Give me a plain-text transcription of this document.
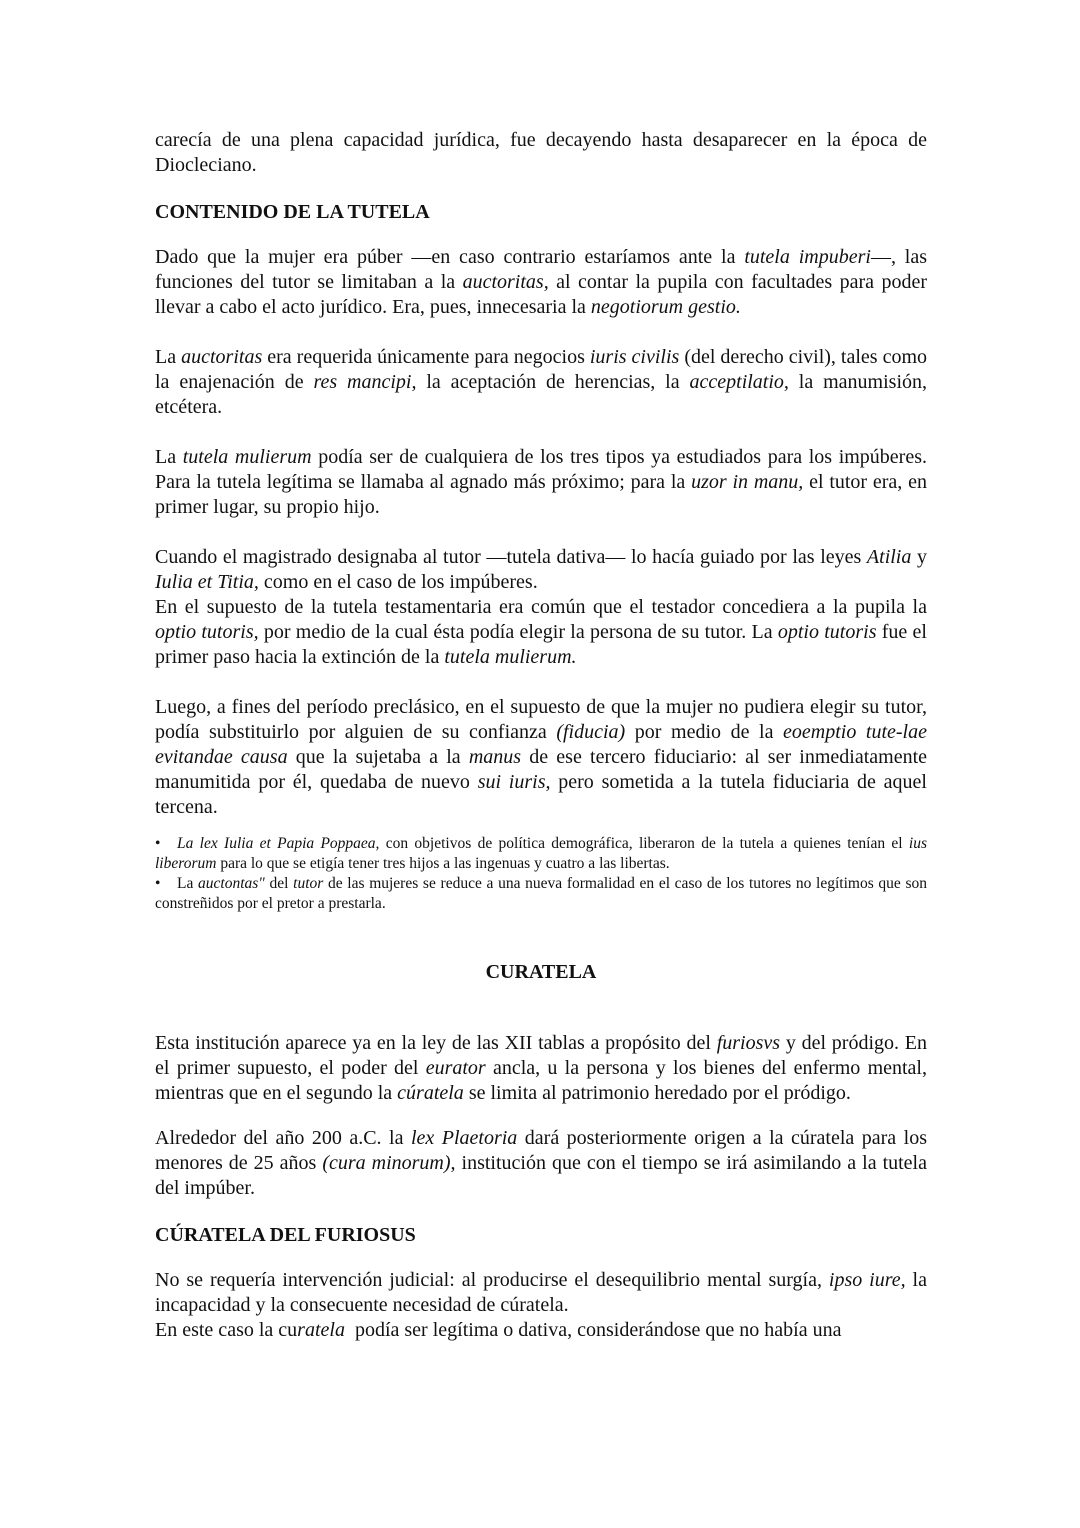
carecía de una plena capacidad jurídica, fue decayendo hasta desaparecer en la época de Diocleciano.

CONTENIDO DE LA TUTELA

Dado que la mujer era púber —en caso contrario estaríamos ante la tutela impuberi—, las funciones del tutor se limitaban a la auctoritas, al contar la pupila con facultades para poder llevar a cabo el acto jurídico. Era, pues, innecesaria la negotiorum gestio.

La auctoritas era requerida únicamente para negocios iuris civilis (del derecho civil), tales como la enajenación de res mancipi, la aceptación de herencias, la acceptilatio, la manumisión, etcétera.

La tutela mulierum podía ser de cualquiera de los tres tipos ya estudiados para los impúberes. Para la tutela legítima se llamaba al agnado más próximo; para la uzor in manu, el tutor era, en primer lugar, su propio hijo.

Cuando el magistrado designaba al tutor —tutela dativa— lo hacía guiado por las leyes Atilia y Iulia et Titia, como en el caso de los impúberes.

En el supuesto de la tutela testamentaria era común que el testador concediera a la pupila la optio tutoris, por medio de la cual ésta podía elegir la persona de su tutor. La optio tutoris fue el primer paso hacia la extinción de la tutela mulierum.

Luego, a fines del período preclásico, en el supuesto de que la mujer no pudiera elegir su tutor, podía substituirlo por alguien de su confianza (fiducia) por medio de la eoemptio tute-lae evitandae causa que la sujetaba a la manus de ese tercero fiduciario: al ser inmediatamente manumitida por él, quedaba de nuevo sui iuris, pero sometida a la tutela fiduciaria de aquel tercena.

• La lex Iulia et Papia Poppaea, con objetivos de política demográfica, liberaron de la tutela a quienes tenían el ius liberorum para lo que se etigía tener tres hijos a las ingenuas y cuatro a las libertas.

• La auctontas" del tutor de las mujeres se reduce a una nueva formalidad en el caso de los tutores no legítimos que son constreñidos por el pretor a prestarla.

CURATELA

Esta institución aparece ya en la ley de las XII tablas a propósito del furiosvs y del pródigo. En el primer supuesto, el poder del eurator ancla, u la persona y los bienes del enfermo mental, mientras que en el segundo la cúratela se limita al patrimonio heredado por el pródigo.

Alrededor del año 200 a.C. la lex Plaetoria dará posteriormente origen a la cúratela para los menores de 25 años (cura minorum), institución que con el tiempo se irá asimilando a la tutela del impúber.

CÚRATELA DEL FURIOSUS

No se requería intervención judicial: al producirse el desequilibrio mental surgía, ipso iure, la incapacidad y la consecuente necesidad de cúratela.

En este caso la curatela  podía ser legítima o dativa, considerándose que no había una
